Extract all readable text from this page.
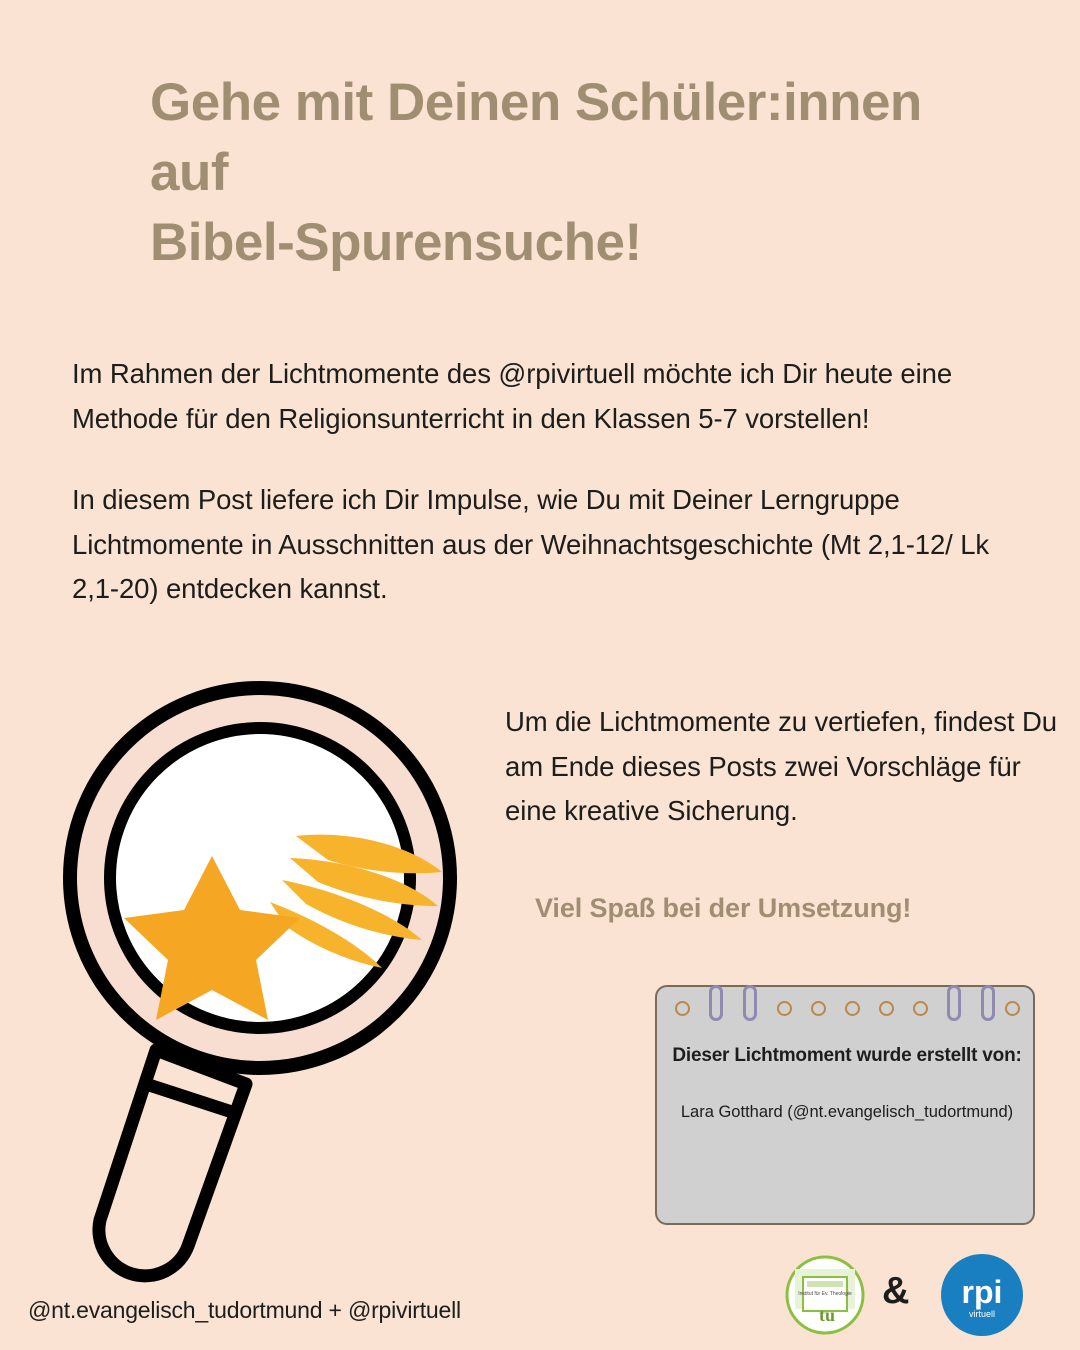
Gehe mit Deinen Schüler:innen auf
Bibel-Spurensuche!
Im Rahmen der Lichtmomente des @rpivirtuell möchte ich Dir heute eine Methode für den Religionsunterricht in den Klassen 5-7 vorstellen!
In diesem Post liefere ich Dir Impulse, wie Du mit Deiner Lerngruppe Lichtmomente in Ausschnitten aus der Weihnachtsgeschichte (Mt 2,1-12/ Lk 2,1-20) entdecken kannst.
Um die Lichtmomente zu vertiefen, findest Du am Ende dieses Posts zwei Vorschläge für eine kreative Sicherung.
Viel Spaß bei der Umsetzung!
Dieser Lichtmoment wurde erstellt von:
Lara Gotthard (@nt.evangelisch_tudortmund)
@nt.evangelisch_tudortmund + @rpivirtuell
Institut für Ev. Theologie
tu
& rpi
virtuell
